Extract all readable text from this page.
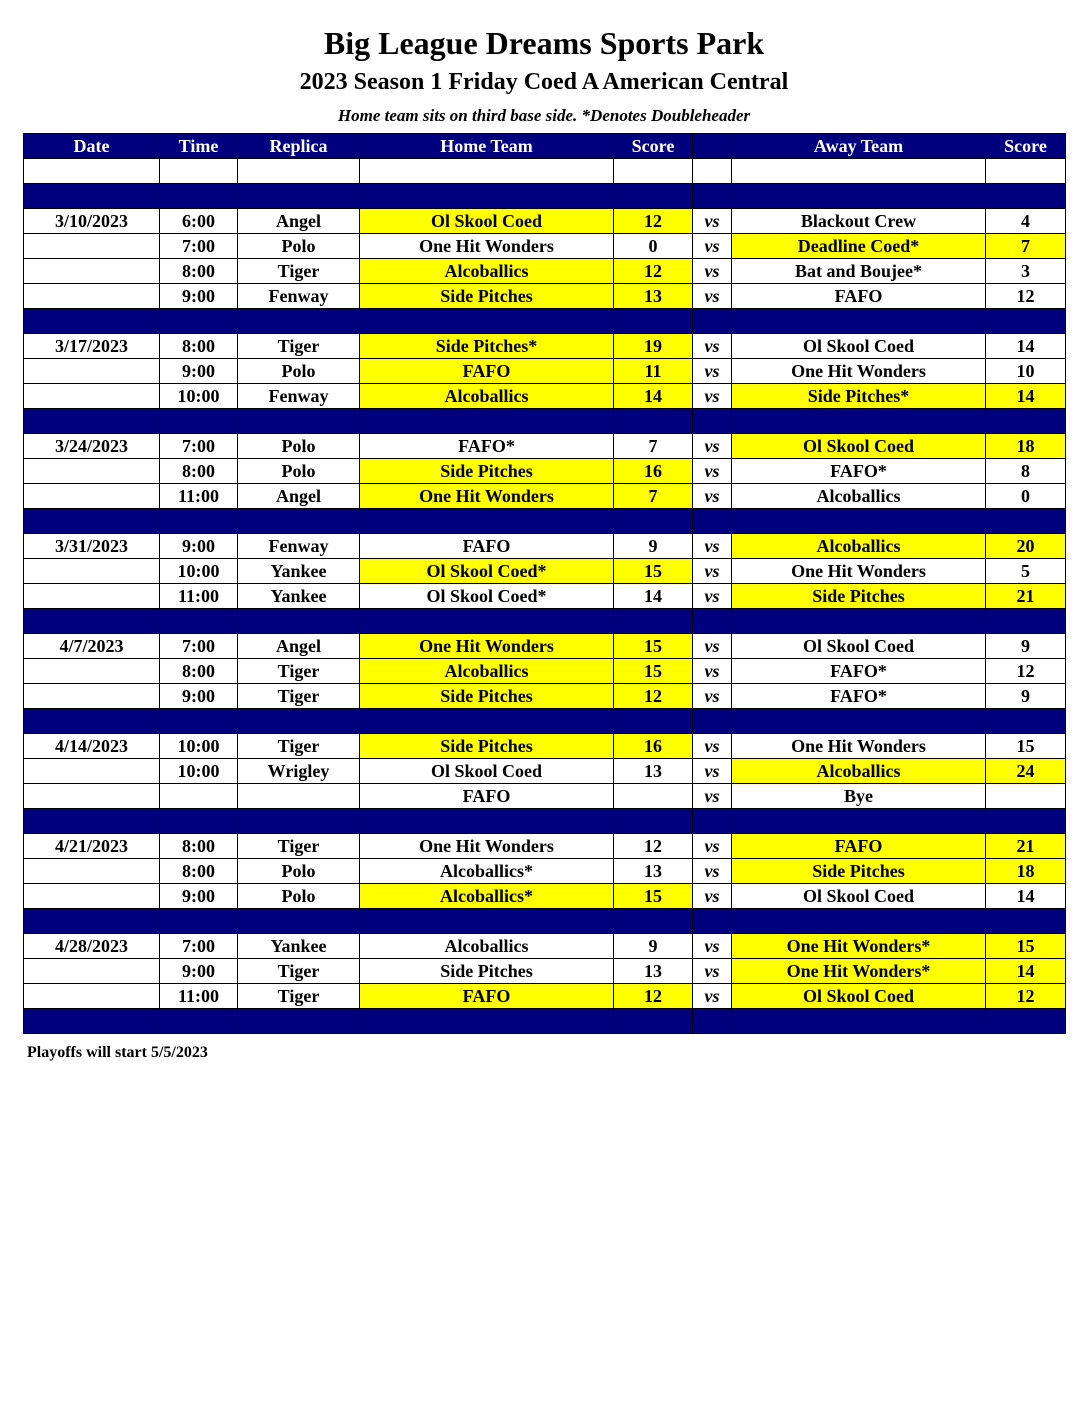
Big League Dreams Sports Park
2023 Season 1 Friday Coed A American Central
Home team sits on third base side. *Denotes Doubleheader
Date	Time	Replica	Home Team	Score		Away Team	Score

3/10/2023	6:00	Angel	Ol Skool Coed	12	vs	Blackout Crew	4
	7:00	Polo	One Hit Wonders	0	vs	Deadline Coed*	7
	8:00	Tiger	Alcoballics	12	vs	Bat and Boujee*	3
	9:00	Fenway	Side Pitches	13	vs	FAFO	12

3/17/2023	8:00	Tiger	Side Pitches*	19	vs	Ol Skool Coed	14
	9:00	Polo	FAFO	11	vs	One Hit Wonders	10
	10:00	Fenway	Alcoballics	14	vs	Side Pitches*	14

3/24/2023	7:00	Polo	FAFO*	7	vs	Ol Skool Coed	18
	8:00	Polo	Side Pitches	16	vs	FAFO*	8
	11:00	Angel	One Hit Wonders	7	vs	Alcoballics	0

3/31/2023	9:00	Fenway	FAFO	9	vs	Alcoballics	20
	10:00	Yankee	Ol Skool Coed*	15	vs	One Hit Wonders	5
	11:00	Yankee	Ol Skool Coed*	14	vs	Side Pitches	21

4/7/2023	7:00	Angel	One Hit Wonders	15	vs	Ol Skool Coed	9
	8:00	Tiger	Alcoballics	15	vs	FAFO*	12
	9:00	Tiger	Side Pitches	12	vs	FAFO*	9

4/14/2023	10:00	Tiger	Side Pitches	16	vs	One Hit Wonders	15
	10:00	Wrigley	Ol Skool Coed	13	vs	Alcoballics	24
			FAFO		vs	Bye	

4/21/2023	8:00	Tiger	One Hit Wonders	12	vs	FAFO	21
	8:00	Polo	Alcoballics*	13	vs	Side Pitches	18
	9:00	Polo	Alcoballics*	15	vs	Ol Skool Coed	14

4/28/2023	7:00	Yankee	Alcoballics	9	vs	One Hit Wonders*	15
	9:00	Tiger	Side Pitches	13	vs	One Hit Wonders*	14
	11:00	Tiger	FAFO	12	vs	Ol Skool Coed	12

Playoffs will start 5/5/2023
